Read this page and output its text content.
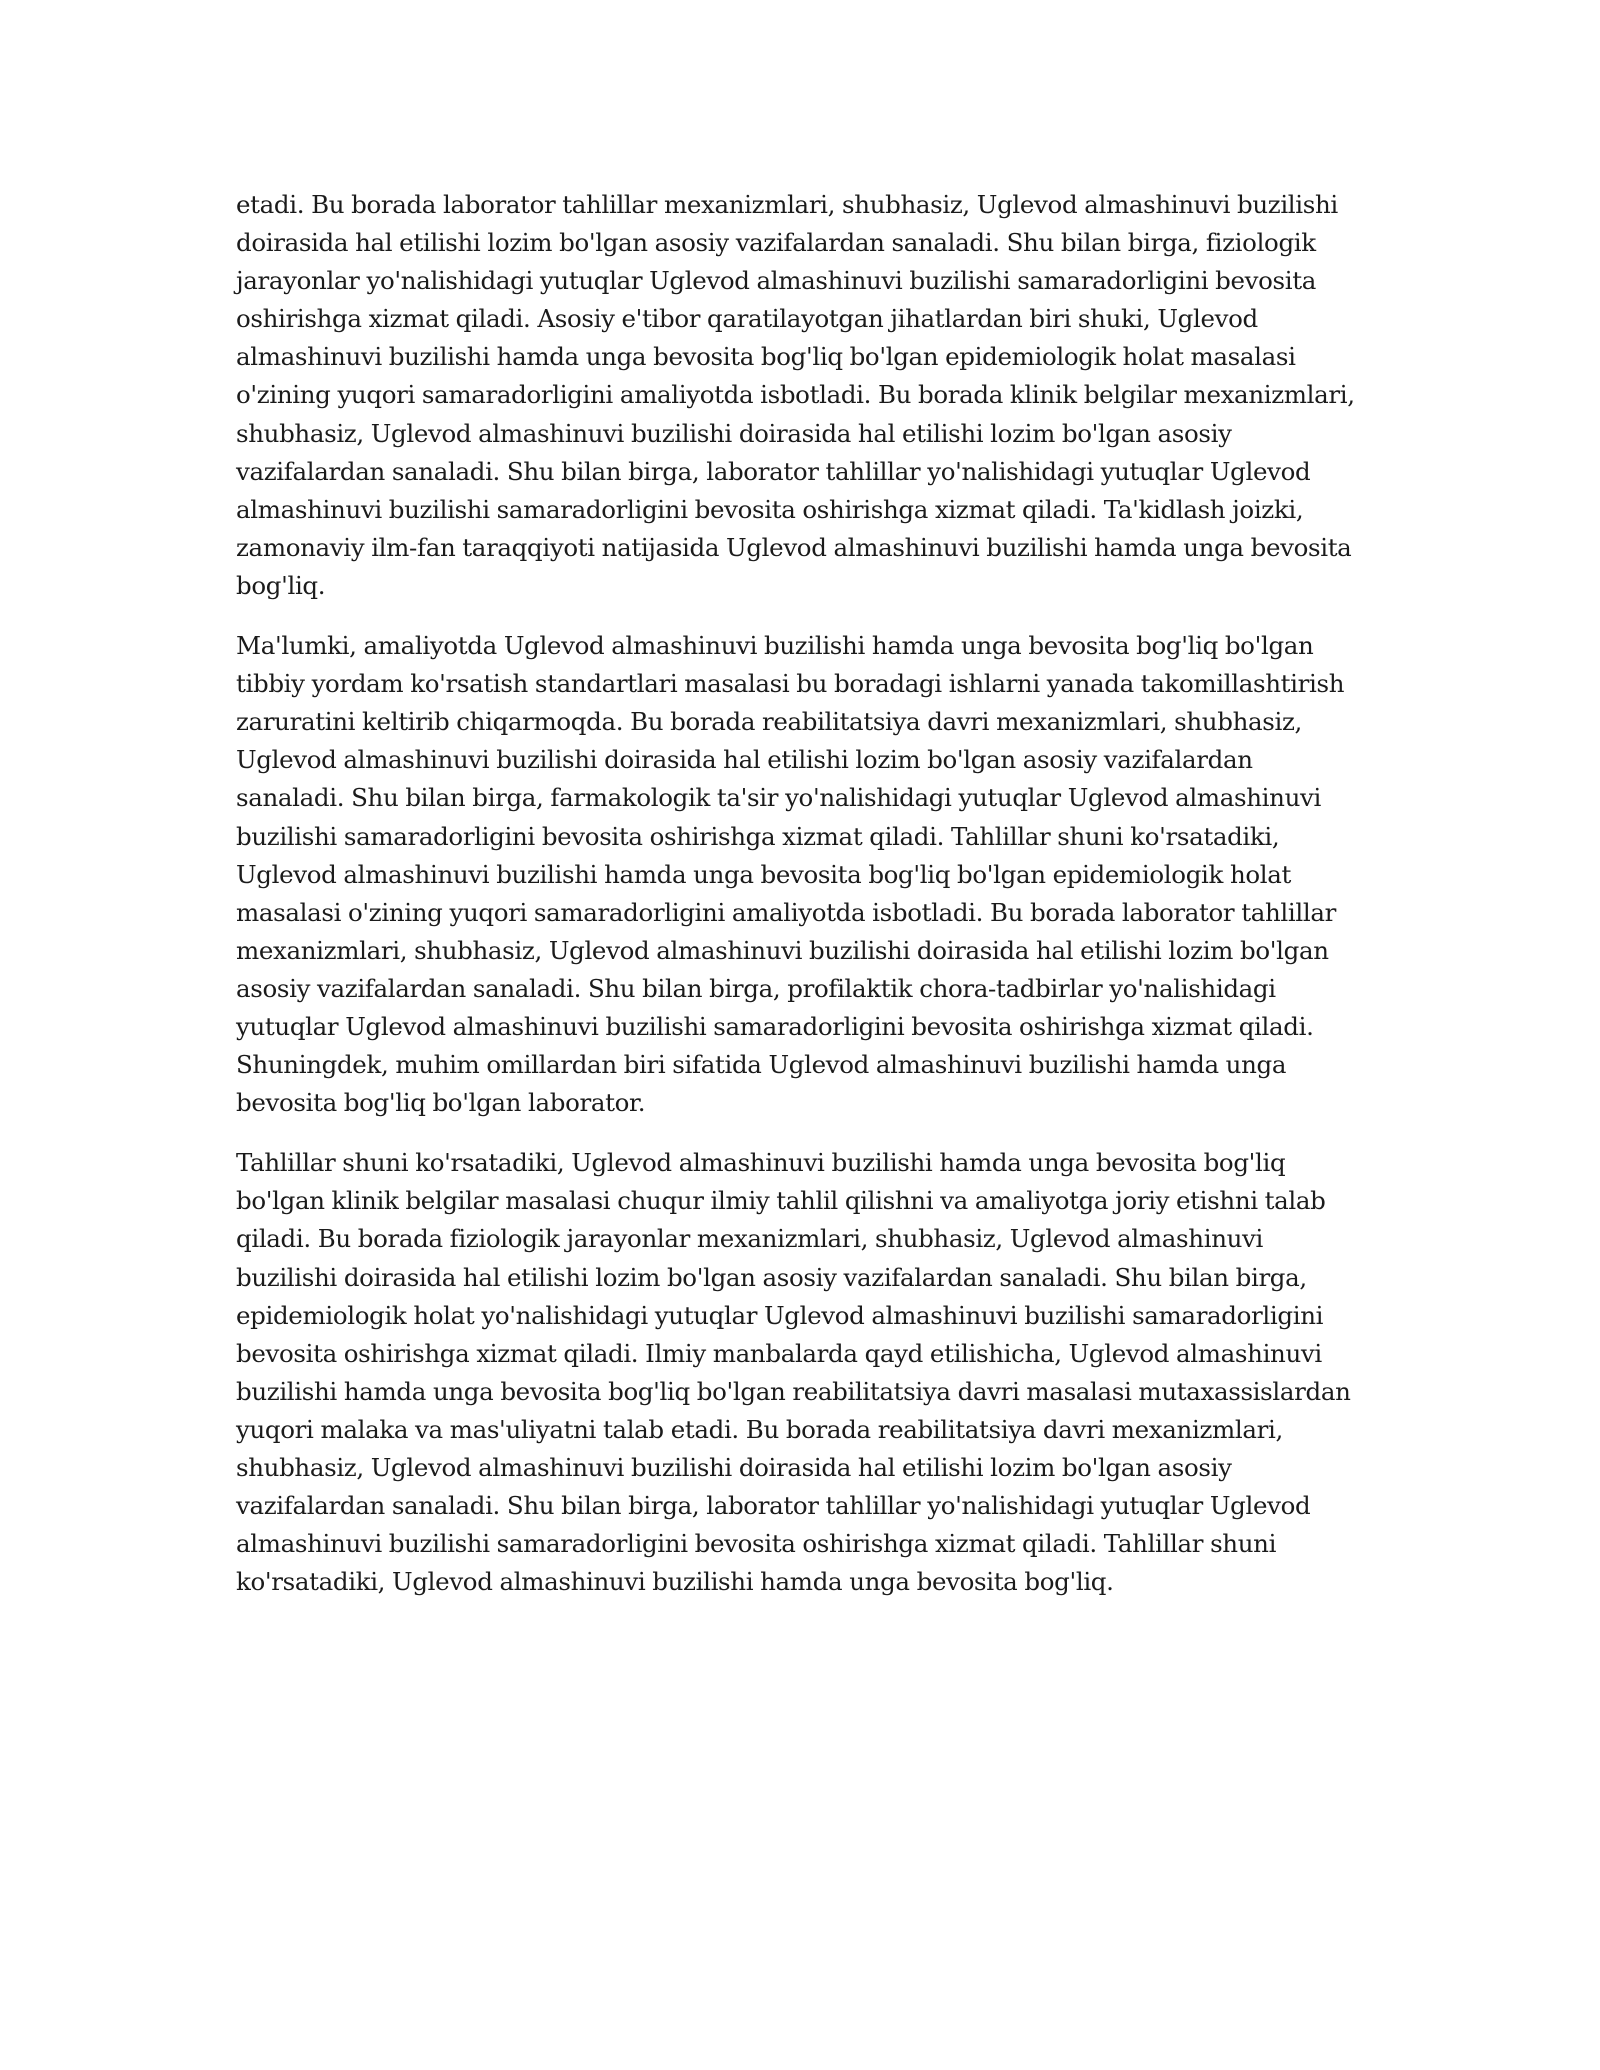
etadi. Bu borada laborator tahlillar mexanizmlari, shubhasiz, Uglevod almashinuvi buzilishi doirasida hal etilishi lozim bo'lgan asosiy vazifalardan sanaladi. Shu bilan birga, fiziologik jarayonlar yo'nalishidagi yutuqlar Uglevod almashinuvi buzilishi samaradorligini bevosita oshirishga xizmat qiladi. Asosiy e'tibor qaratilayotgan jihatlardan biri shuki, Uglevod almashinuvi buzilishi hamda unga bevosita bog'liq bo'lgan epidemiologik holat masalasi o'zining yuqori samaradorligini amaliyotda isbotladi. Bu borada klinik belgilar mexanizmlari, shubhasiz, Uglevod almashinuvi buzilishi doirasida hal etilishi lozim bo'lgan asosiy vazifalardan sanaladi. Shu bilan birga, laborator tahlillar yo'nalishidagi yutuqlar Uglevod almashinuvi buzilishi samaradorligini bevosita oshirishga xizmat qiladi. Ta'kidlash joizki, zamonaviy ilm-fan taraqqiyoti natijasida Uglevod almashinuvi buzilishi hamda unga bevosita bog'liq.

Ma'lumki, amaliyotda Uglevod almashinuvi buzilishi hamda unga bevosita bog'liq bo'lgan tibbiy yordam ko'rsatish standartlari masalasi bu boradagi ishlarni yanada takomillashtirish zaruratini keltirib chiqarmoqda. Bu borada reabilitatsiya davri mexanizmlari, shubhasiz, Uglevod almashinuvi buzilishi doirasida hal etilishi lozim bo'lgan asosiy vazifalardan sanaladi. Shu bilan birga, farmakologik ta'sir yo'nalishidagi yutuqlar Uglevod almashinuvi buzilishi samaradorligini bevosita oshirishga xizmat qiladi. Tahlillar shuni ko'rsatadiki, Uglevod almashinuvi buzilishi hamda unga bevosita bog'liq bo'lgan epidemiologik holat masalasi o'zining yuqori samaradorligini amaliyotda isbotladi. Bu borada laborator tahlillar mexanizmlari, shubhasiz, Uglevod almashinuvi buzilishi doirasida hal etilishi lozim bo'lgan asosiy vazifalardan sanaladi. Shu bilan birga, profilaktik chora-tadbirlar yo'nalishidagi yutuqlar Uglevod almashinuvi buzilishi samaradorligini bevosita oshirishga xizmat qiladi. Shuningdek, muhim omillardan biri sifatida Uglevod almashinuvi buzilishi hamda unga bevosita bog'liq bo'lgan laborator.

Tahlillar shuni ko'rsatadiki, Uglevod almashinuvi buzilishi hamda unga bevosita bog'liq bo'lgan klinik belgilar masalasi chuqur ilmiy tahlil qilishni va amaliyotga joriy etishni talab qiladi. Bu borada fiziologik jarayonlar mexanizmlari, shubhasiz, Uglevod almashinuvi buzilishi doirasida hal etilishi lozim bo'lgan asosiy vazifalardan sanaladi. Shu bilan birga, epidemiologik holat yo'nalishidagi yutuqlar Uglevod almashinuvi buzilishi samaradorligini bevosita oshirishga xizmat qiladi. Ilmiy manbalarda qayd etilishicha, Uglevod almashinuvi buzilishi hamda unga bevosita bog'liq bo'lgan reabilitatsiya davri masalasi mutaxassislardan yuqori malaka va mas'uliyatni talab etadi. Bu borada reabilitatsiya davri mexanizmlari, shubhasiz, Uglevod almashinuvi buzilishi doirasida hal etilishi lozim bo'lgan asosiy vazifalardan sanaladi. Shu bilan birga, laborator tahlillar yo'nalishidagi yutuqlar Uglevod almashinuvi buzilishi samaradorligini bevosita oshirishga xizmat qiladi. Tahlillar shuni ko'rsatadiki, Uglevod almashinuvi buzilishi hamda unga bevosita bog'liq.
